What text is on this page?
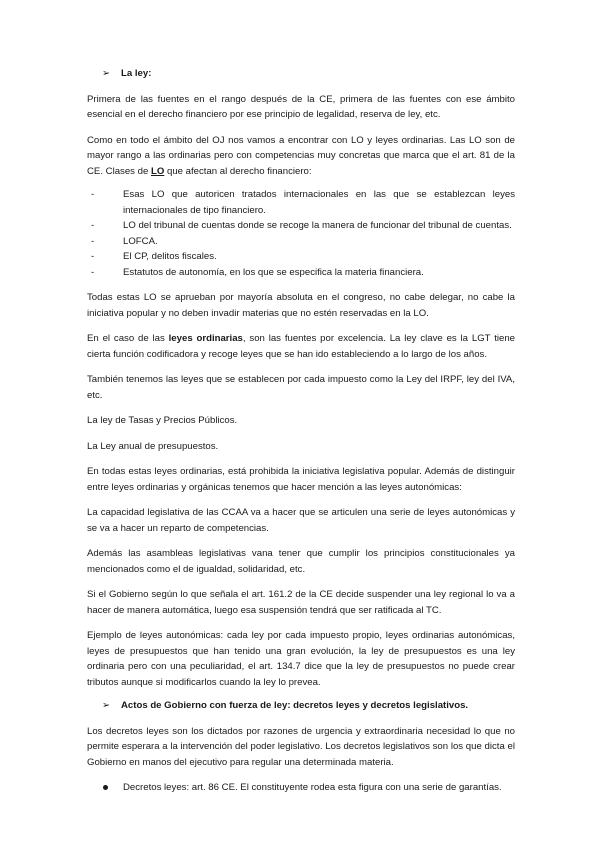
➢ La ley:

Primera de las fuentes en el rango después de la CE, primera de las fuentes con ese ámbito esencial en el derecho financiero por ese principio de legalidad, reserva de ley, etc.

Como en todo el ámbito del OJ nos vamos a encontrar con LO y leyes ordinarias. Las LO son de mayor rango a las ordinarias pero con competencias muy concretas que marca que el art. 81 de la CE. Clases de LO que afectan al derecho financiero:

-	Esas LO que autoricen tratados internacionales en las que se establezcan leyes internacionales de tipo financiero.
-	LO del tribunal de cuentas donde se recoge la manera de funcionar del tribunal de cuentas.
-	LOFCA.
-	El CP, delitos fiscales.
-	Estatutos de autonomía, en los que se especifica la materia financiera.

Todas estas LO se aprueban por mayoría absoluta en el congreso, no cabe delegar, no cabe la iniciativa popular y no deben invadir materias que no estén reservadas en la LO.

En el caso de las leyes ordinarias, son las fuentes por excelencia. La ley clave es la LGT tiene cierta función codificadora y recoge leyes que se han ido estableciendo a lo largo de los años.

También tenemos las leyes que se establecen por cada impuesto como la Ley del IRPF, ley del IVA, etc.

La ley de Tasas y Precios Públicos.

La Ley anual de presupuestos.

En todas estas leyes ordinarias, está prohibida la iniciativa legislativa popular. Además de distinguir entre leyes ordinarias y orgánicas tenemos que hacer mención a las leyes autonómicas:

La capacidad legislativa de las CCAA va a hacer que se articulen una serie de leyes autonómicas y se va a hacer un reparto de competencias.

Además las asambleas legislativas vana tener que cumplir los principios constitucionales ya mencionados como el de igualdad, solidaridad, etc.

Si el Gobierno según lo que señala el art. 161.2 de la CE decide suspender una ley regional lo va a hacer de manera automática, luego esa suspensión tendrá que ser ratificada al TC.

Ejemplo de leyes autonómicas: cada ley por cada impuesto propio, leyes ordinarias autonómicas, leyes de presupuestos que han tenido una gran evolución, la ley de presupuestos es una ley ordinaria pero con una peculiaridad, el art. 134.7 dice que la ley de presupuestos no puede crear tributos aunque si modificarlos cuando la ley lo prevea.

➢ Actos de Gobierno con fuerza de ley: decretos leyes y decretos legislativos.

Los decretos leyes son los dictados por razones de urgencia y extraordinaria necesidad lo que no permite esperara a la intervención del poder legislativo. Los decretos legislativos son los que dicta el Gobierno en manos del ejecutivo para regular una determinada materia.

Decretos leyes: art. 86 CE. El constituyente rodea esta figura con una serie de garantías.
